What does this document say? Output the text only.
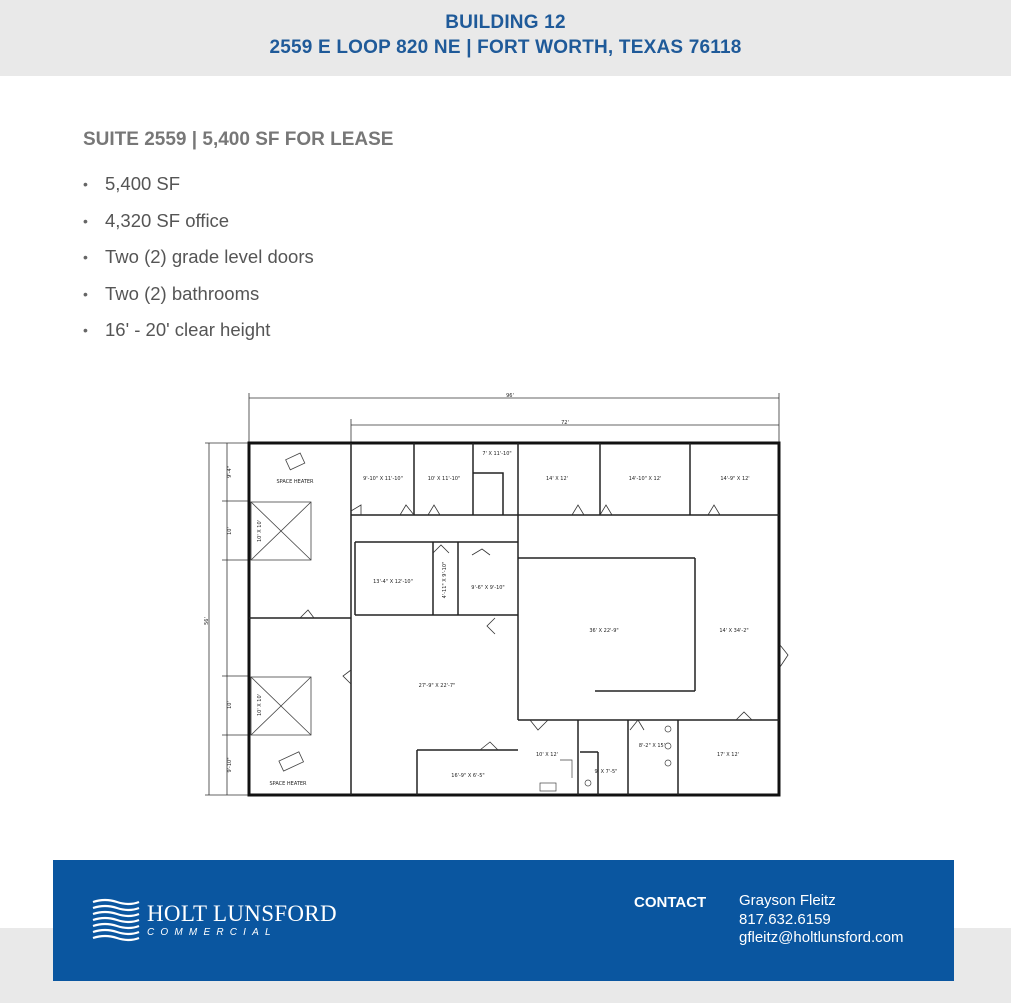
BUILDING 12
2559 E LOOP 820 NE | FORT WORTH, TEXAS 76118
SUITE 2559 | 5,400 SF FOR LEASE
• 5,400 SF
• 4,320 SF office
• Two (2) grade level doors
• Two (2) bathrooms
• 16' - 20' clear height
96'
72'
56'
9'-4"
10'
10'
9'-10"
10' X 10'
10' X 10'
SPACE HEATER
SPACE HEATER
9'-10" X 11'-10"	10' X 11'-10"
7' X 11'-10"
14' X 12'	14'-10" X 12'	14'-9" X 12'
13'-4" X 12'-10"	4'-11" X 9'-10"	9'-6" X 9'-10"
36' X 22'-9"	14' X 34'-2"
27'-9" X 22'-7"
16'-9" X 6'-5"
10' X 12'
9' X 7'-5"
8'-2" X 15'
17' X 12'
HOLT LUNSFORD
COMMERCIAL
CONTACT Grayson Fleitz
817.632.6159
gfleitz@holtlunsford.com
